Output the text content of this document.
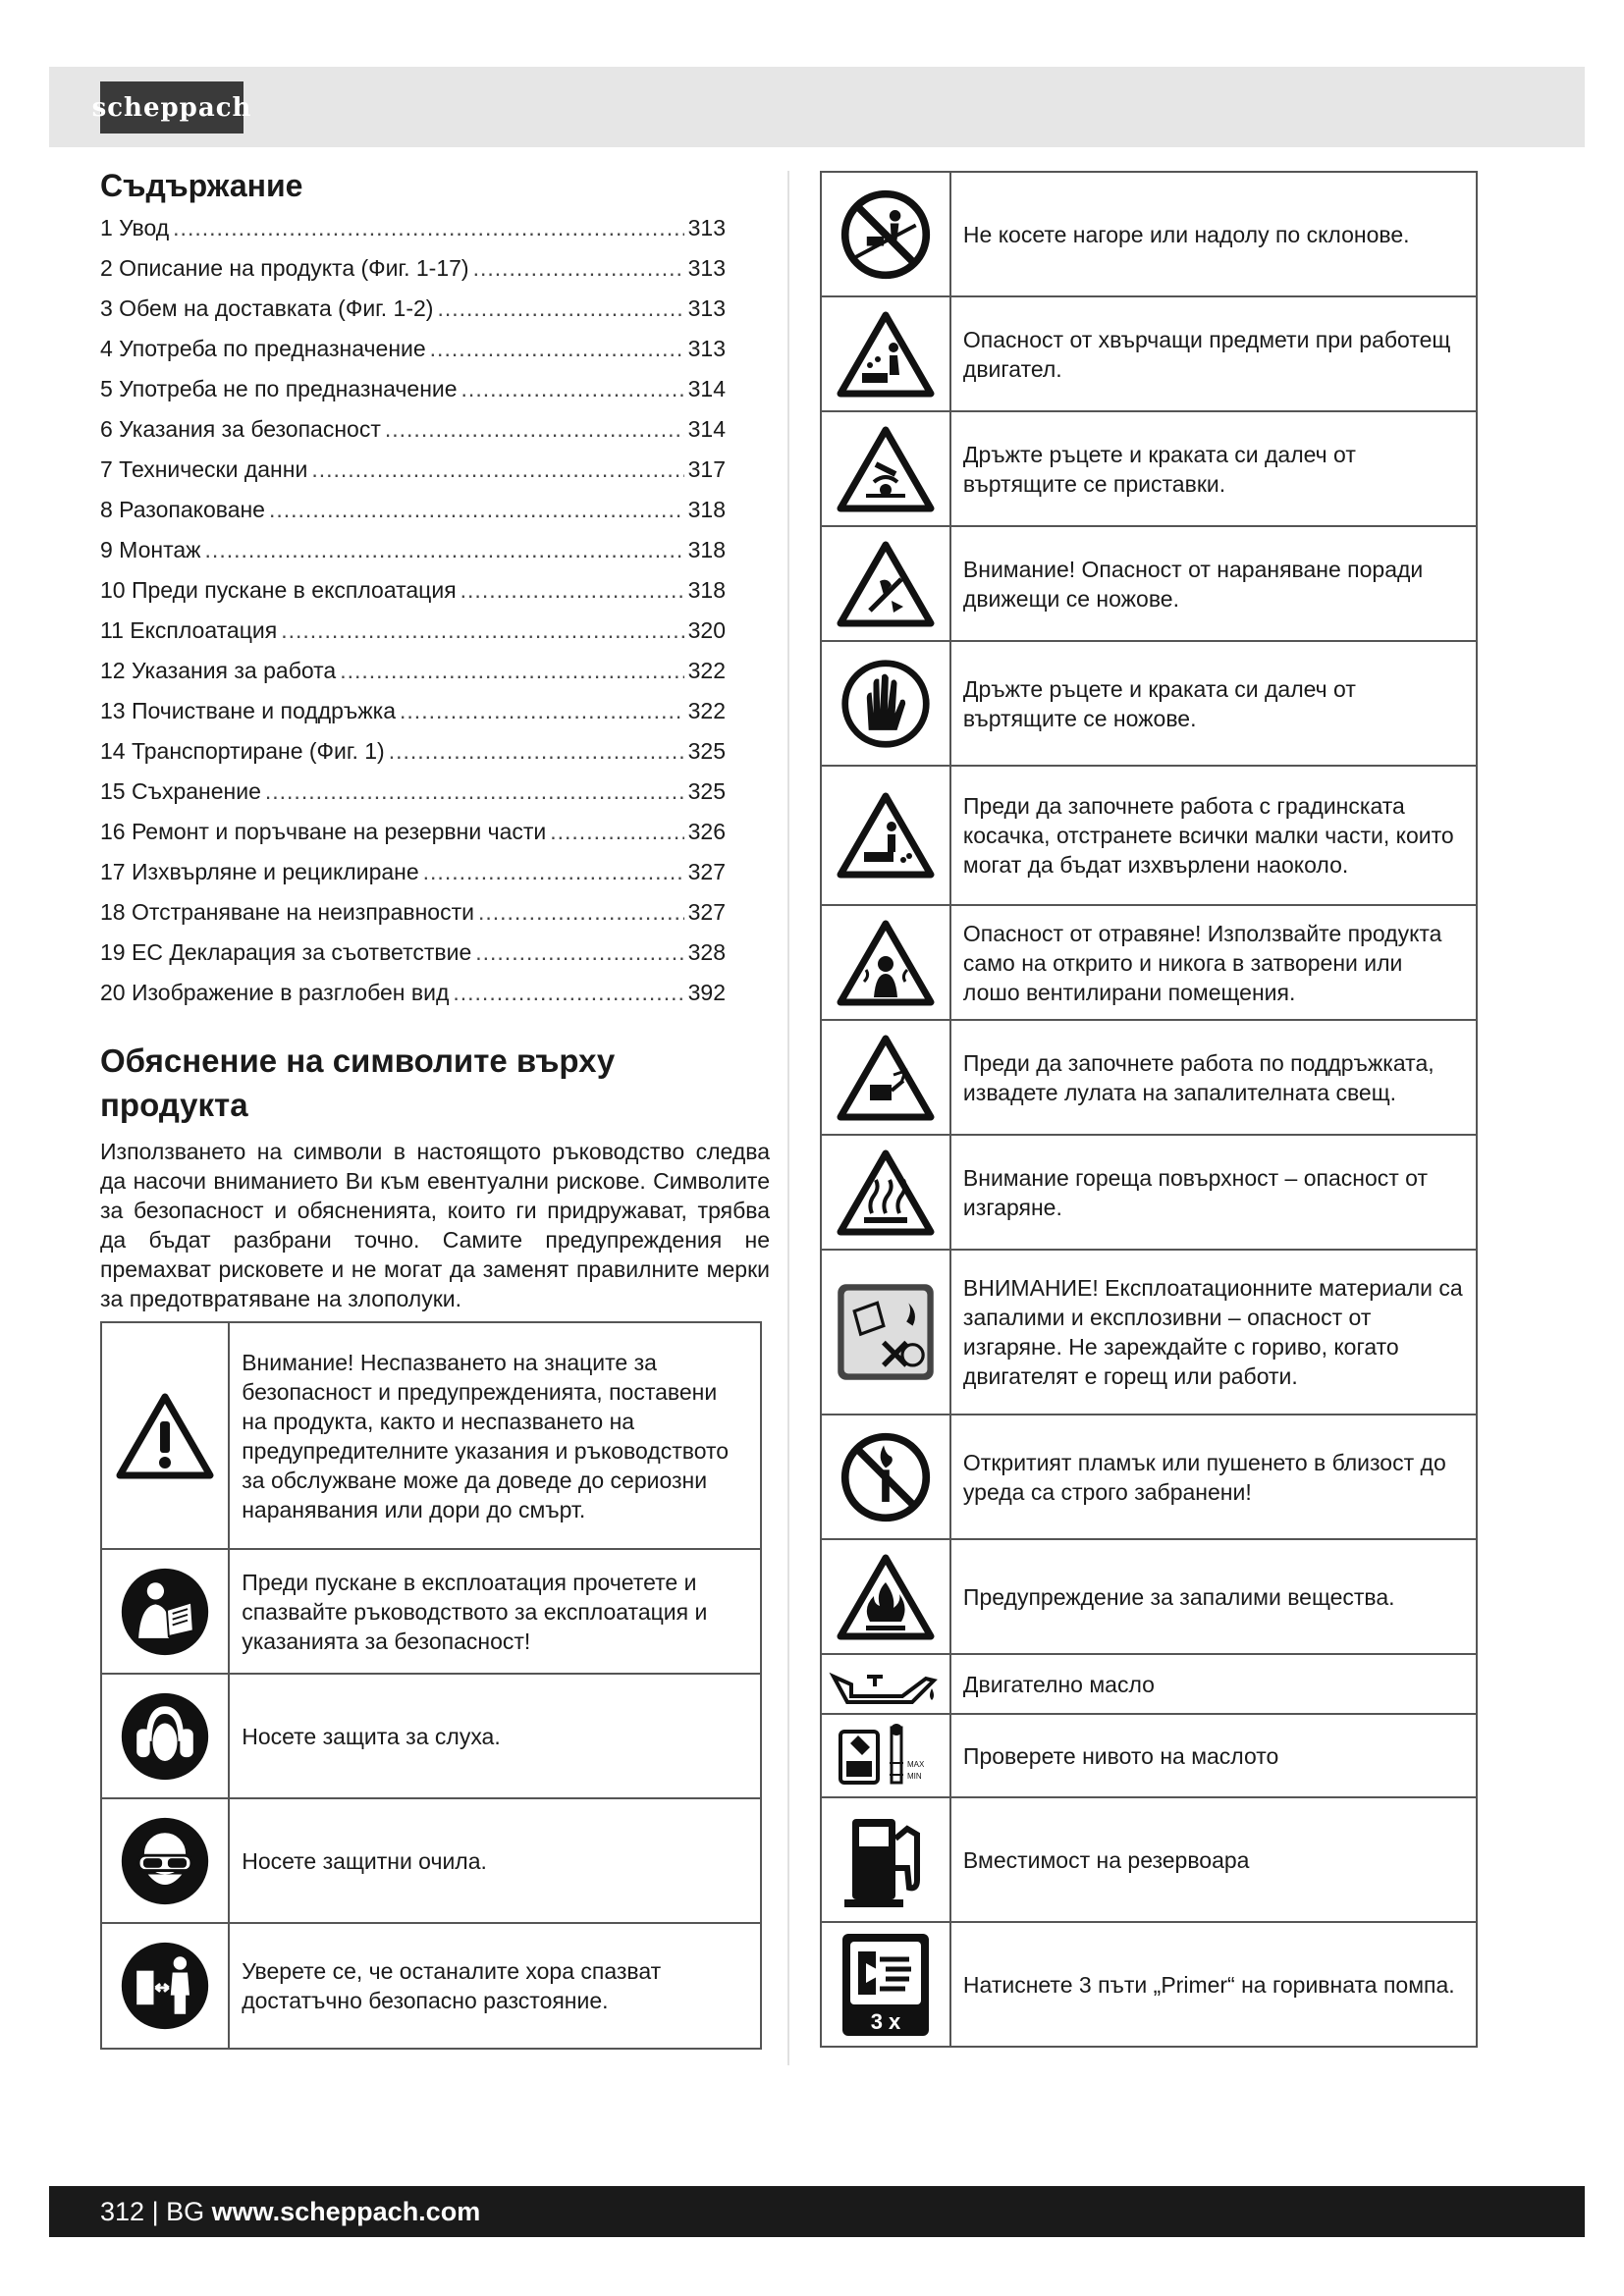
scheppach
Съдържание
1 Увод .....	313
2 Описание на продукта (Фиг. 1-17) .....	313
3 Обем на доставката (Фиг. 1-2) .....	313
4 Употреба по предназначение .....	313
5 Употреба не по предназначение .....	314
6 Указания за безопасност .....	314
7 Технически данни .....	317
8 Разопаковане .....	318
9 Монтаж .....	318
10 Преди пускане в експлоатация .....	318
11 Експлоатация .....	320
12 Указания за работа .....	322
13 Почистване и поддръжка .....	322
14 Транспортиране (Фиг. 1) .....	325
15 Съхранение .....	325
16 Ремонт и поръчване на резервни части .....	326
17 Изхвърляне и рециклиране .....	327
18 Отстраняване на неизправности .....	327
19 ЕС Декларация за съответствие .....	328
20 Изображение в разглобен вид .....	392
Обяснение на символите върху продукта

Използването на символи в настоящото ръководство следва да насочи вниманието Ви към евентуални рискове. Символите за безопасност и обясненията, които ги придружават, трябва да бъдат разбрани точно. Самите предупреждения не премахват рисковете и не могат да заменят правилните мерки за предотвратяване на злополуки.

	Внимание! Неспазването на знаците за безопасност и предупрежденията, поставени на продукта, както и неспазването на предупредителните указания и ръководството за обслужване може да доведе до сериозни наранявания или дори до смърт.

	Преди пускане в експлоатация прочетете и спазвайте ръководството за експлоатация и указанията за безопасност!

	Носете защита за слуха.

	Носете защитни очила.

	Уверете се, че останалите хора спазват достатъчно безопасно разстояние.
	Не косете нагоре или надолу по склонове.

	Опасност от хвърчащи предмети при работещ двигател.

	Дръжте ръцете и краката си далеч от въртящите се приставки.

	Внимание! Опасност от нараняване поради движещи се ножове.

	Дръжте ръцете и краката си далеч от въртящите се ножове.

	Преди да започнете работа с градинската косачка, отстранете всички малки части, които могат да бъдат изхвърлени наоколо.

	Опасност от отравяне! Използвайте продукта само на открито и никога в затворени или лошо вентилирани помещения.

	Преди да започнете работа по поддръжката, извадете лулата на запалителната свещ.

	Внимание гореща повърхност – опасност от изгаряне.

	ВНИМАНИЕ! Експлоатационните материали са запалими и експлозивни – опасност от изгаряне. Не зареждайте с гориво, когато двигателят е горещ или работи.

	Откритият пламък или пушенето в близост до уреда са строго забранени!

	Предупреждение за запалими вещества.

	Двигателно масло

MAX
MIN	Проверете нивото на маслото

	Вместимост на резервоара

3 x	Натиснете 3 пъти „Primer“ на горивната помпа.
312 | BG www.scheppach.com
